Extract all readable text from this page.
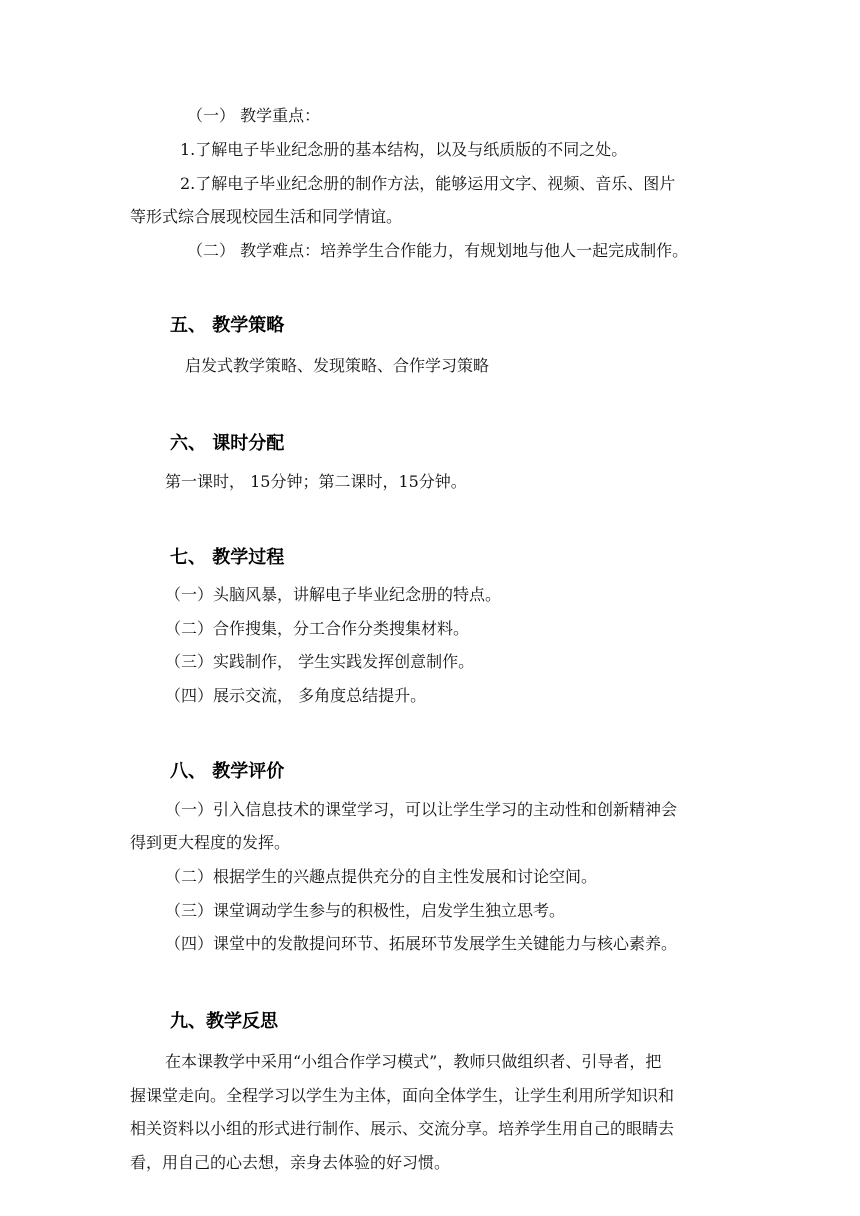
（一） 教学重点：
1.了解电子毕业纪念册的基本结构，以及与纸质版的不同之处。
2.了解电子毕业纪念册的制作方法，能够运用文字、视频、音乐、图片
等形式综合展现校园生活和同学情谊。
（二） 教学难点：培养学生合作能力，有规划地与他人一起完成制作。
五、 教学策略
启发式教学策略、发现策略、合作学习策略
六、 课时分配
第一课时， 15分钟；第二课时，15分钟。
七、 教学过程
（一）头脑风暴，讲解电子毕业纪念册的特点。
（二）合作搜集，分工合作分类搜集材料。
（三）实践制作， 学生实践发挥创意制作。
（四）展示交流， 多角度总结提升。
八、 教学评价
（一）引入信息技术的课堂学习，可以让学生学习的主动性和创新精神会
得到更大程度的发挥。
（二）根据学生的兴趣点提供充分的自主性发展和讨论空间。
（三）课堂调动学生参与的积极性，启发学生独立思考。
（四）课堂中的发散提问环节、拓展环节发展学生关键能力与核心素养。
九、教学反思
在本课教学中采用“小组合作学习模式”，教师只做组织者、引导者，把
握课堂走向。全程学习以学生为主体，面向全体学生，让学生利用所学知识和
相关资料以小组的形式进行制作、展示、交流分享。培养学生用自己的眼睛去
看，用自己的心去想，亲身去体验的好习惯。
